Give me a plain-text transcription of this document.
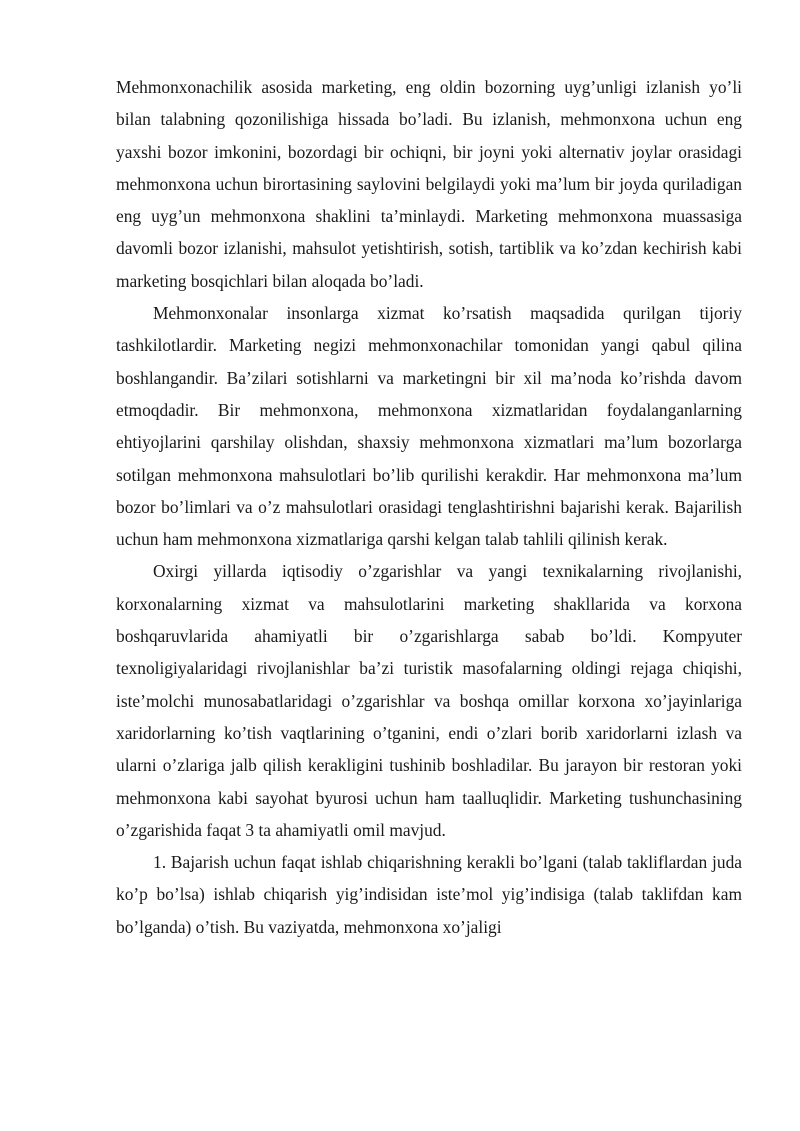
Mehmonxonachilik asosida marketing, eng oldin bozorning uyg’unligi izlanish yo’li bilan talabning qozonilishiga hissada bo’ladi. Bu izlanish, mehmonxona uchun eng yaxshi bozor imkonini, bozordagi bir ochiqni, bir joyni yoki alternativ joylar orasidagi mehmonxona uchun birortasining saylovini belgilaydi yoki ma’lum bir joyda quriladigan eng uyg’un mehmonxona shaklini ta’minlaydi. Marketing mehmonxona muassasiga davomli bozor izlanishi, mahsulot yetishtirish, sotish, tartiblik va ko’zdan kechirish kabi marketing bosqichlari bilan aloqada bo’ladi.

Mehmonxonalar insonlarga xizmat ko’rsatish maqsadida qurilgan tijoriy tashkilotlardir. Marketing negizi mehmonxonachilar tomonidan yangi qabul qilina boshlangandir. Ba’zilari sotishlarni va marketingni bir xil ma’noda ko’rishda davom etmoqdadir. Bir mehmonxona, mehmonxona xizmatlaridan foydalanganlarning ehtiyojlarini qarshilay olishdan, shaxsiy mehmonxona xizmatlari ma’lum bozorlarga sotilgan mehmonxona mahsulotlari bo’lib qurilishi kerakdir. Har mehmonxona ma’lum bozor bo’limlari va o’z mahsulotlari orasidagi tenglashtirishni bajarishi kerak. Bajarilish uchun ham mehmonxona xizmatlariga qarshi kelgan talab tahlili qilinish kerak.

Oxirgi yillarda iqtisodiy o’zgarishlar va yangi texnikalarning rivojlanishi, korxonalarning xizmat va mahsulotlarini marketing shakllarida va korxona boshqaruvlarida ahamiyatli bir o’zgarishlarga sabab bo’ldi. Kompyuter texnoligiyalaridagi rivojlanishlar ba’zi turistik masofalarning oldingi rejaga chiqishi, iste’molchi munosabatlaridagi o’zgarishlar va boshqa omillar korxona xo’jayinlariga xaridorlarning ko’tish vaqtlarining o’tganini, endi o’zlari borib xaridorlarni izlash va ularni o’zlariga jalb qilish kerakligini tushinib boshladilar. Bu jarayon bir restoran yoki mehmonxona kabi sayohat byurosi uchun ham taalluqlidir. Marketing tushunchasining o’zgarishida faqat 3 ta ahamiyatli omil mavjud.

1. Bajarish uchun faqat ishlab chiqarishning kerakli bo’lgani (talab takliflardan juda ko’p bo’lsa) ishlab chiqarish yig’indisidan iste’mol yig’indisiga (talab taklifdan kam bo’lganda) o’tish. Bu vaziyatda, mehmonxona xo’jaligi
